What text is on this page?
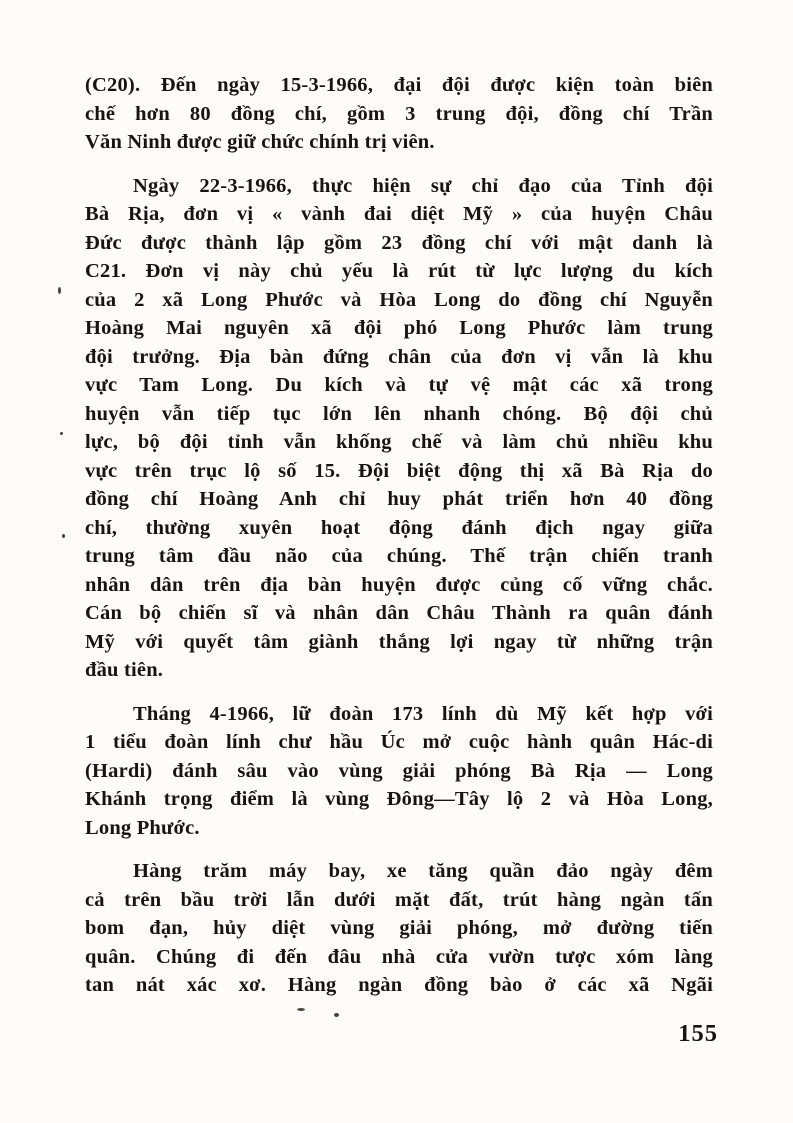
(C20). Đến ngày 15-3-1966, đại đội được kiện toàn biên
chế hơn 80 đồng chí, gồm 3 trung đội, đồng chí Trần
Văn Ninh được giữ chức chính trị viên.
Ngày 22-3-1966, thực hiện sự chỉ đạo của Tỉnh đội
Bà Rịa, đơn vị « vành đai diệt Mỹ » của huyện Châu
Đức được thành lập gồm 23 đồng chí với mật danh là
C21. Đơn vị này chủ yếu là rút từ lực lượng du kích
của 2 xã Long Phước và Hòa Long do đồng chí Nguyễn
Hoàng Mai nguyên xã đội phó Long Phước làm trung
đội trưởng. Địa bàn đứng chân của đơn vị vẫn là khu
vực Tam Long. Du kích và tự vệ mật các xã trong
huyện vẫn tiếp tục lớn lên nhanh chóng. Bộ đội chủ
lực, bộ đội tỉnh vẫn khống chế và làm chủ nhiều khu
vực trên trục lộ số 15. Đội biệt động thị xã Bà Rịa do
đồng chí Hoàng Anh chỉ huy phát triển hơn 40 đồng
chí, thường xuyên hoạt động đánh địch ngay giữa
trung tâm đầu não của chúng. Thế trận chiến tranh
nhân dân trên địa bàn huyện được củng cố vững chắc.
Cán bộ chiến sĩ và nhân dân Châu Thành ra quân đánh
Mỹ với quyết tâm giành thắng lợi ngay từ những trận
đầu tiên.
Tháng 4-1966, lữ đoàn 173 lính dù Mỹ kết hợp với
1 tiểu đoàn lính chư hầu Úc mở cuộc hành quân Hác-di
(Hardi) đánh sâu vào vùng giải phóng Bà Rịa — Long
Khánh trọng điểm là vùng Đông—Tây lộ 2 và Hòa Long,
Long Phước.
Hàng trăm máy bay, xe tăng quần đảo ngày đêm
cả trên bầu trời lẫn dưới mặt đất, trút hàng ngàn tấn
bom đạn, hủy diệt vùng giải phóng, mở đường tiến
quân. Chúng đi đến đâu nhà cửa vườn tược xóm làng
tan nát xác xơ. Hàng ngàn đồng bào ở các xã Ngãi
155
